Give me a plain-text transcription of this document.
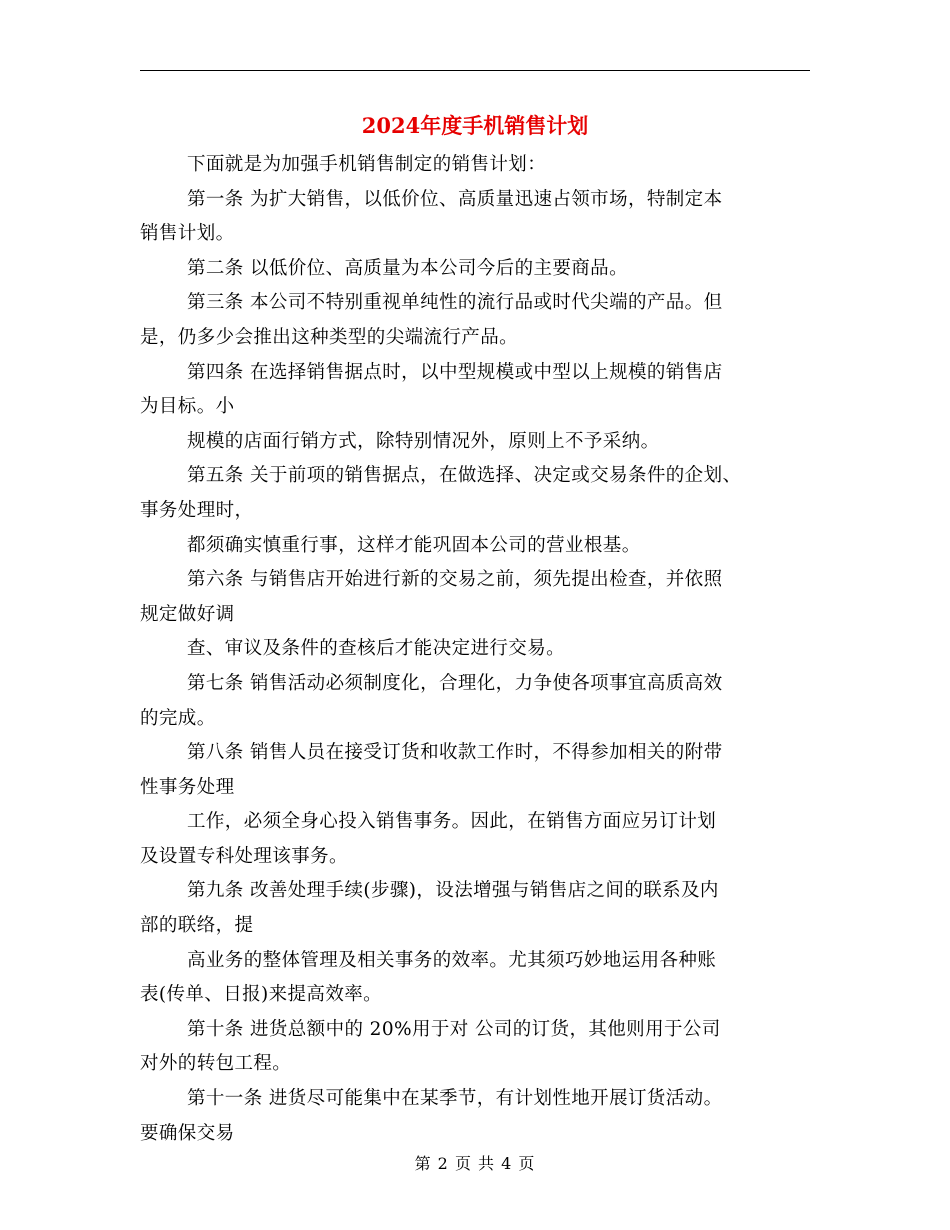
2024年度手机销售计划
下面就是为加强手机销售制定的销售计划：
第一条 为扩大销售，以低价位、高质量迅速占领市场，特制定本
销售计划。
第二条 以低价位、高质量为本公司今后的主要商品。
第三条 本公司不特别重视单纯性的流行品或时代尖端的产品。但
是，仍多少会推出这种类型的尖端流行产品。
第四条 在选择销售据点时，以中型规模或中型以上规模的销售店
为目标。小
规模的店面行销方式，除特别情况外，原则上不予采纳。
第五条 关于前项的销售据点，在做选择、决定或交易条件的企划、
事务处理时，
都须确实慎重行事，这样才能巩固本公司的营业根基。
第六条 与销售店开始进行新的交易之前，须先提出检查，并依照
规定做好调
查、审议及条件的查核后才能决定进行交易。
第七条 销售活动必须制度化，合理化，力争使各项事宜高质高效
的完成。
第八条 销售人员在接受订货和收款工作时，不得参加相关的附带
性事务处理
工作，必须全身心投入销售事务。因此，在销售方面应另订计划
及设置专科处理该事务。
第九条 改善处理手续(步骤)，设法增强与销售店之间的联系及内
部的联络，提
高业务的整体管理及相关事务的效率。尤其须巧妙地运用各种账
表(传单、日报)来提高效率。
第十条 进货总额中的 20%用于对 公司的订货，其他则用于公司
对外的转包工程。
第十一条 进货尽可能集中在某季节，有计划性地开展订货活动。
要确保交易
第 2 页 共 4 页
